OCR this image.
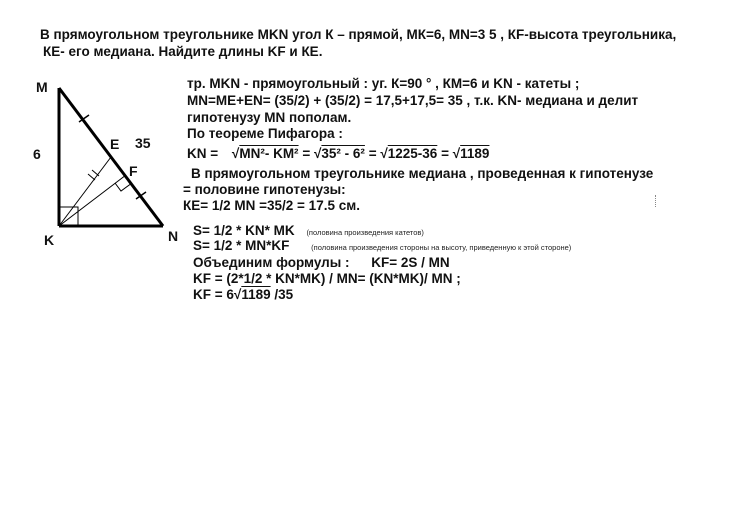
В прямоугольном треугольнике MKN угол К – прямой, МК=6, MN=3 5 , КF-высота треугольника,
КЕ- его медиана. Найдите длины KF и КЕ.
M
K	N
E
F
6
35
тр. MKN - прямоугольный : уг. К=90 ° , КМ=6 и KN - катеты ;
MN=ME+EN= (35/2) + (35/2) = 17,5+17,5= 35 , т.к. KN- медиана и делит
гипотенузу MN пополам.
По теореме Пифагора :
KN = √MN²- KM² = √35² - 6² = √1225-36 = √1189
В прямоугольном треугольнике медиана , проведенная к гипотенузе
= половине гипотенузы:
КЕ= 1/2 MN =35/2 = 17.5 см.
S= 1/2 * KN* MK (половина произведения катетов)
S= 1/2 * MN*KF	(половина произведения стороны на высоту, приведенную к этой стороне)
Объединим формулы : KF= 2S / MN
KF = (2*1/2 * KN*MK) / MN= (KN*MK)/ MN ;
KF = 6√1189 /35
